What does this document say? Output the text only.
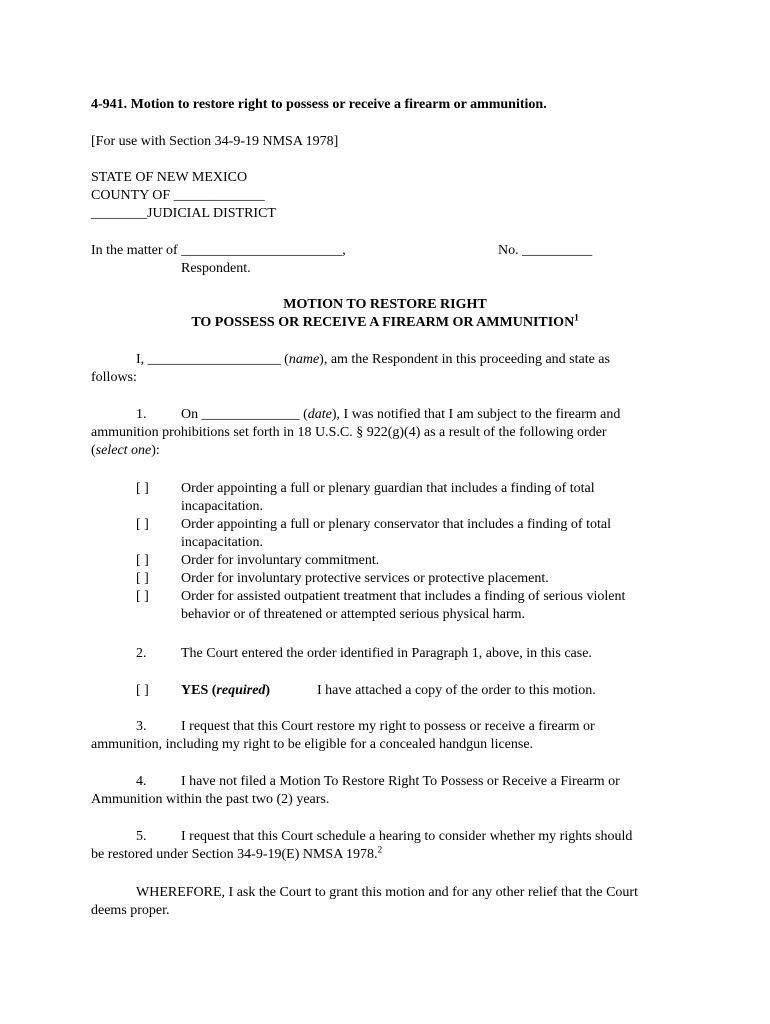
4-941. Motion to restore right to possess or receive a firearm or ammunition.
[For use with Section 34-9-19 NMSA 1978]
STATE OF NEW MEXICO
COUNTY OF _____________
________JUDICIAL DISTRICT
In the matter of _______________________,	No. __________
Respondent.
MOTION TO RESTORE RIGHT
TO POSSESS OR RECEIVE A FIREARM OR AMMUNITION$^1$
I, ___________________ (name), am the Respondent in this proceeding and state as
follows:
1. On ______________ (date), I was notified that I am subject to the firearm and
ammunition prohibitions set forth in 18 U.S.C. § 922(g)(4) as a result of the following order
(select one):
[ ] Order appointing a full or plenary guardian that includes a finding of total
incapacitation.
[ ] Order appointing a full or plenary conservator that includes a finding of total
incapacitation.
[ ] Order for involuntary commitment.
[ ] Order for involuntary protective services or protective placement.
[ ] Order for assisted outpatient treatment that includes a finding of serious violent
behavior or of threatened or attempted serious physical harm.
2. The Court entered the order identified in Paragraph 1, above, in this case.
[ ] YES (required)	I have attached a copy of the order to this motion.
3. I request that this Court restore my right to possess or receive a firearm or
ammunition, including my right to be eligible for a concealed handgun license.
4. I have not filed a Motion To Restore Right To Possess or Receive a Firearm or
Ammunition within the past two (2) years.
5. I request that this Court schedule a hearing to consider whether my rights should
be restored under Section 34-9-19(E) NMSA 1978.$^2$
WHEREFORE, I ask the Court to grant this motion and for any other relief that the Court
deems proper.
